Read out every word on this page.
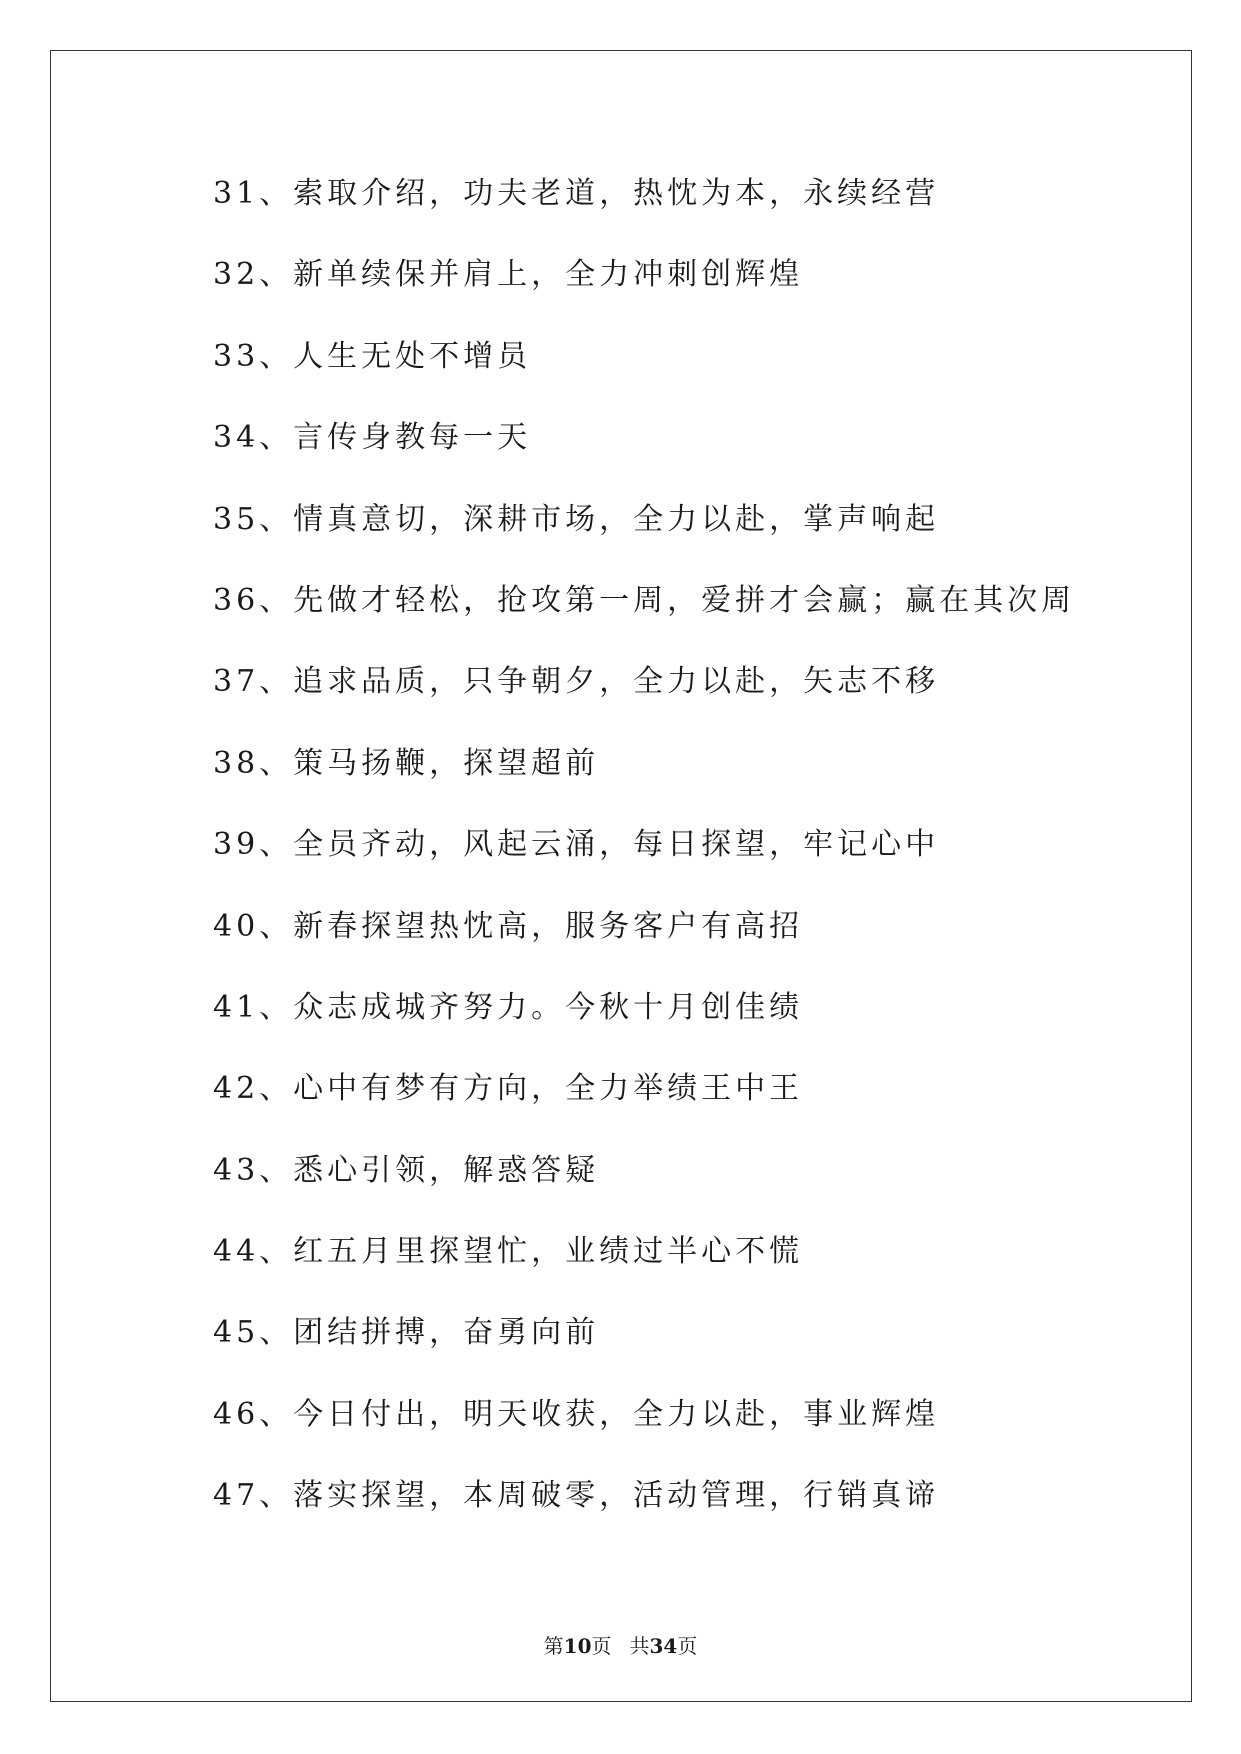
31、索取介绍，功夫老道，热忱为本，永续经营
32、新单续保并肩上，全力冲刺创辉煌
33、人生无处不增员
34、言传身教每一天
35、情真意切，深耕市场，全力以赴，掌声响起
36、先做才轻松，抢攻第一周，爱拼才会赢；赢在其次周
37、追求品质，只争朝夕，全力以赴，矢志不移
38、策马扬鞭，探望超前
39、全员齐动，风起云涌，每日探望，牢记心中
40、新春探望热忱高，服务客户有高招
41、众志成城齐努力。今秋十月创佳绩
42、心中有梦有方向，全力举绩王中王
43、悉心引领，解惑答疑
44、红五月里探望忙，业绩过半心不慌
45、团结拼搏，奋勇向前
46、今日付出，明天收获，全力以赴，事业辉煌
47、落实探望，本周破零，活动管理，行销真谛
第10页 共34页
